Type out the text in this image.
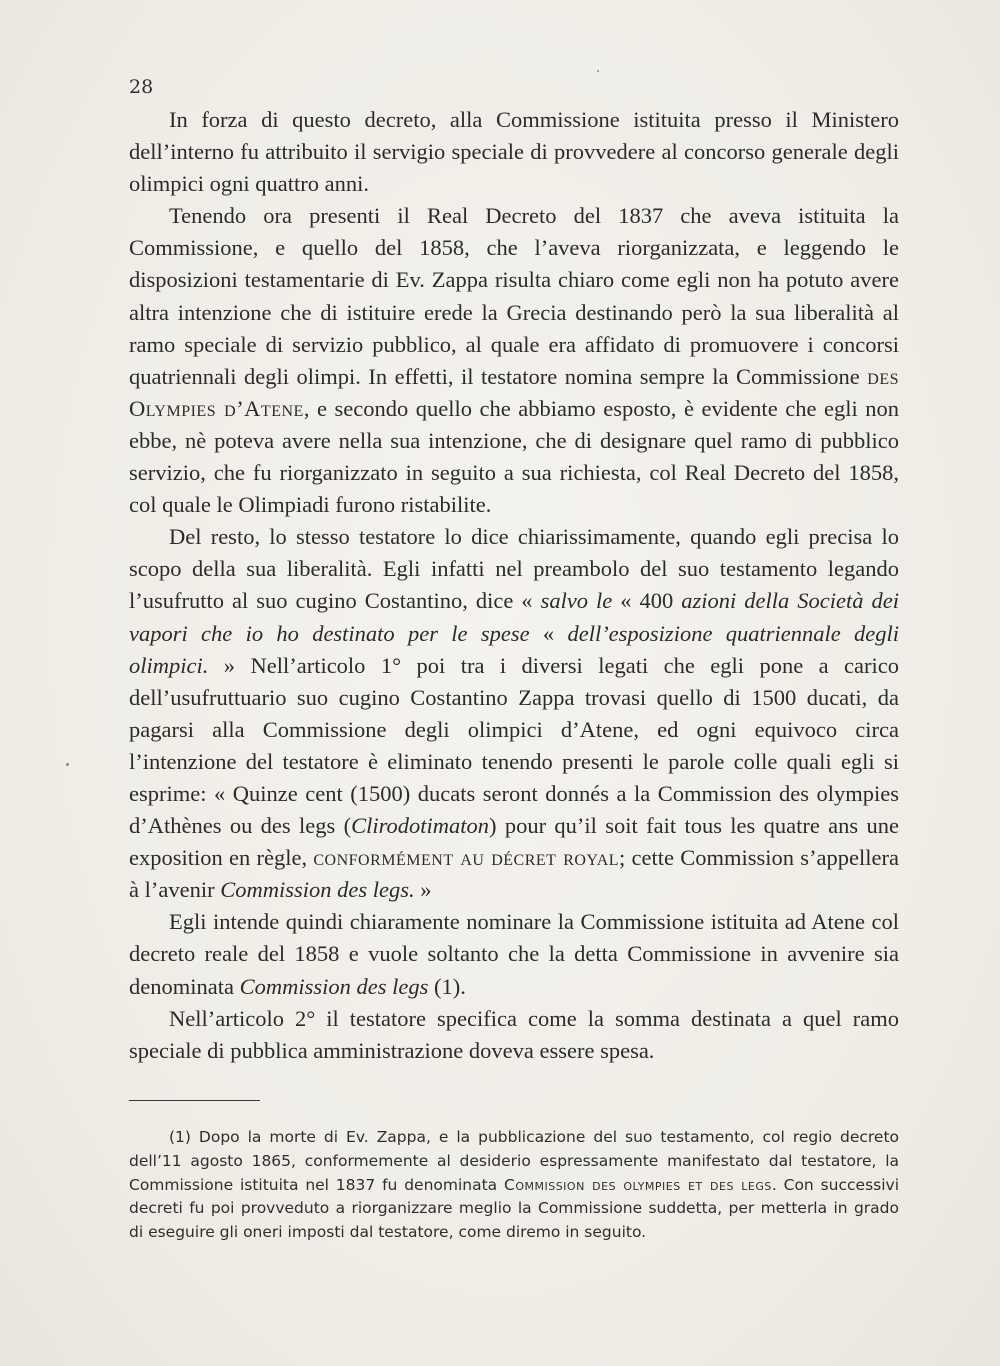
28

In forza di questo decreto, alla Commissione istituita presso il Ministero dell’interno fu attribuito il servigio speciale di provvedere al concorso generale degli olimpici ogni quattro anni.

Tenendo ora presenti il Real Decreto del 1837 che aveva istituita la Commissione, e quello del 1858, che l’aveva riorganizzata, e leggendo le disposizioni testamentarie di Ev. Zappa risulta chiaro come egli non ha potuto avere altra intenzione che di istituire erede la Grecia destinando però la sua liberalità al ramo speciale di servizio pubblico, al quale era affidato di promuovere i concorsi quatriennali degli olimpi. In effetti, il testatore nomina sempre la Commissione des Olympies d’Atene, e secondo quello che abbiamo esposto, è evidente che egli non ebbe, nè poteva avere nella sua intenzione, che di designare quel ramo di pubblico servizio, che fu riorganizzato in seguito a sua richiesta, col Real Decreto del 1858, col quale le Olimpiadi furono ristabilite.

Del resto, lo stesso testatore lo dice chiarissimamente, quando egli precisa lo scopo della sua liberalità. Egli infatti nel preambolo del suo testamento legando l’usufrutto al suo cugino Costantino, dice « salvo le « 400 azioni della Società dei vapori che io ho destinato per le spese « dell’esposizione quatriennale degli olimpici. » Nell’articolo 1° poi tra i diversi legati che egli pone a carico dell’usufruttuario suo cugino Costantino Zappa trovasi quello di 1500 ducati, da pagarsi alla Commissione degli olimpici d’Atene, ed ogni equivoco circa l’intenzione del testatore è eliminato tenendo presenti le parole colle quali egli si esprime: « Quinze cent (1500) ducats seront donnés a la Commission des olympies d’Athènes ou des legs (Clirodotimaton) pour qu’il soit fait tous les quatre ans une exposition en règle, conformément au décret royal; cette Commission s’appellera à l’avenir Commission des legs. »

Egli intende quindi chiaramente nominare la Commissione istituita ad Atene col decreto reale del 1858 e vuole soltanto che la detta Commissione in avvenire sia denominata Commission des legs (1).

Nell’articolo 2° il testatore specifica come la somma destinata a quel ramo speciale di pubblica amministrazione doveva essere spesa.

(1) Dopo la morte di Ev. Zappa, e la pubblicazione del suo testamento, col regio decreto dell’11 agosto 1865, conformemente al desiderio espressamente manifestato dal testatore, la Commissione istituita nel 1837 fu denominata Commission des olympies et des legs. Con successivi decreti fu poi provveduto a riorganizzare meglio la Commissione suddetta, per metterla in grado di eseguire gli oneri imposti dal testatore, come diremo in seguito.
